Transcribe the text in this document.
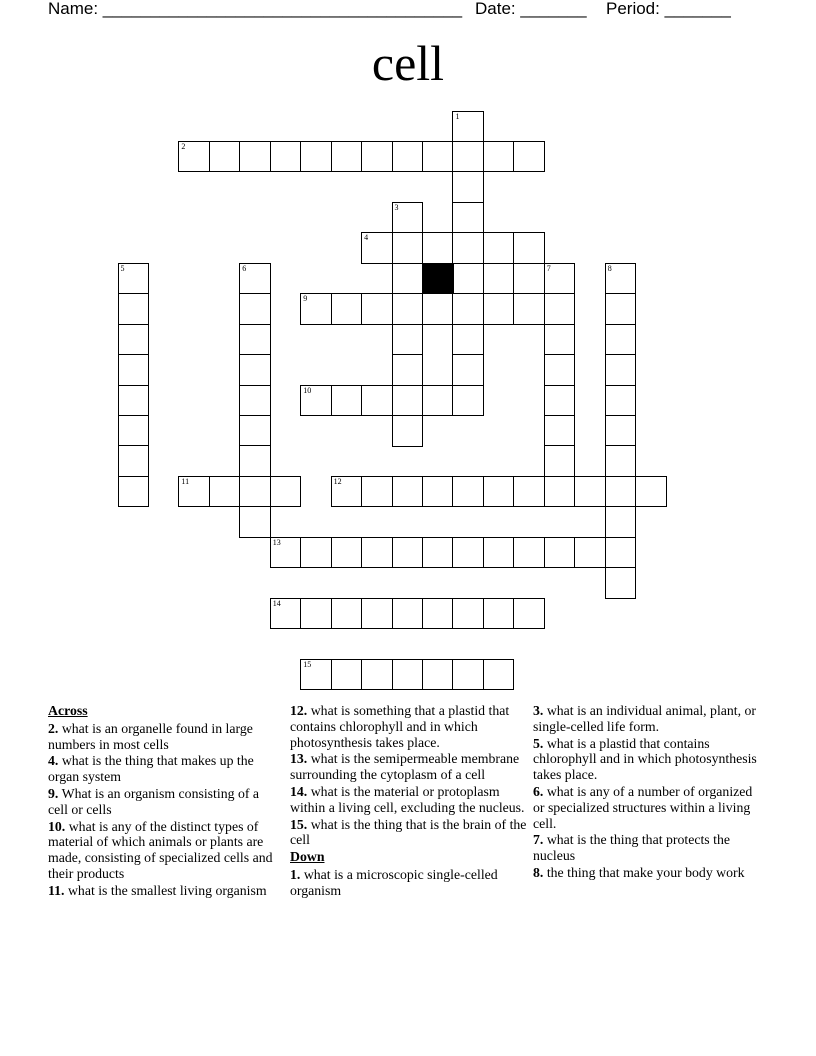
Name: ______________________________________ Date: _______ Period: _______
cell
2
4
9
10
11	12
13
14
15
1
3
5	6	7	8
Across
2. what is an organelle found in large numbers in most cells
4. what is the thing that makes up the organ system
9. What is an organism consisting of a cell or cells
10. what is any of the distinct types of material of which animals or plants are made, consisting of specialized cells and their products
11. what is the smallest living organism
12. what is something that a plastid that contains chlorophyll and in which photosynthesis takes place.
13. what is the semipermeable membrane surrounding the cytoplasm of a cell
14. what is the material or protoplasm within a living cell, excluding the nucleus.
15. what is the thing that is the brain of the cell
Down
1. what is a microscopic single-celled organism
3. what is an individual animal, plant, or single-celled life form.
5. what is a plastid that contains chlorophyll and in which photosynthesis takes place.
6. what is any of a number of organized or specialized structures within a living cell.
7. what is the thing that protects the nucleus
8. the thing that make your body work
